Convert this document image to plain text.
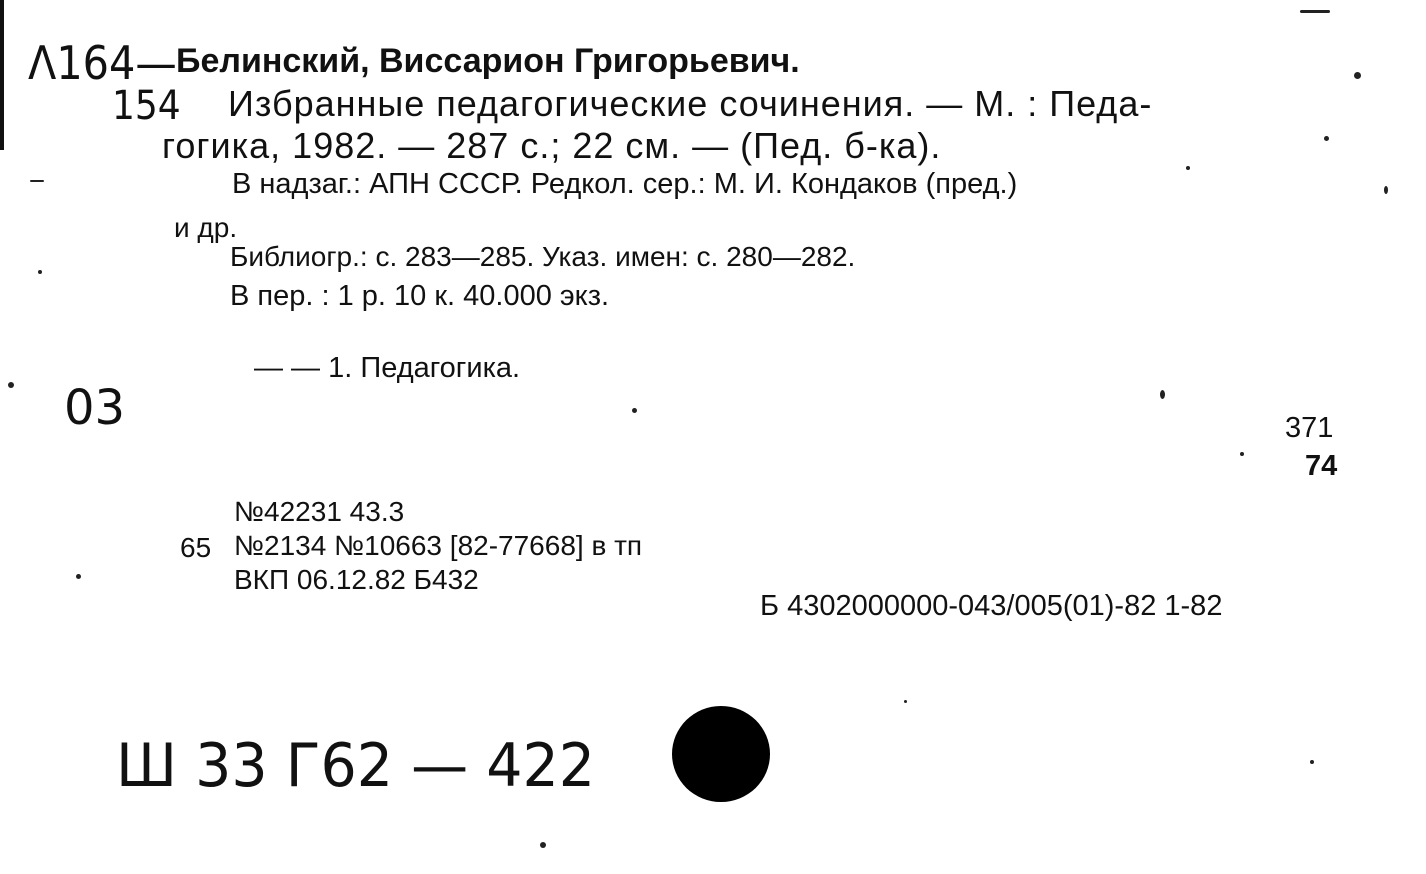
Λ164—
154
03
Ш 33 Г62 — 422
Белинский, Виссарион Григорьевич.
Избранные педагогические сочинения. — М. : Педа-
гогика, 1982. — 287 с.; 22 см. — (Пед. б-ка).
В надзаг.: АПН СССР. Редкол. сер.: М. И. Кондаков (пред.)
и др.
Библиогр.: с. 283—285. Указ. имен: с. 280—282.
В пер. : 1 р. 10 к. 40.000 экз.
— — 1. Педагогика.
371
74
№42231 43.3
65 №2134 №10663 [82-77668] в тп
ВКП 06.12.82 Б432
Б 4302000000-043/005(01)-82 1-82
